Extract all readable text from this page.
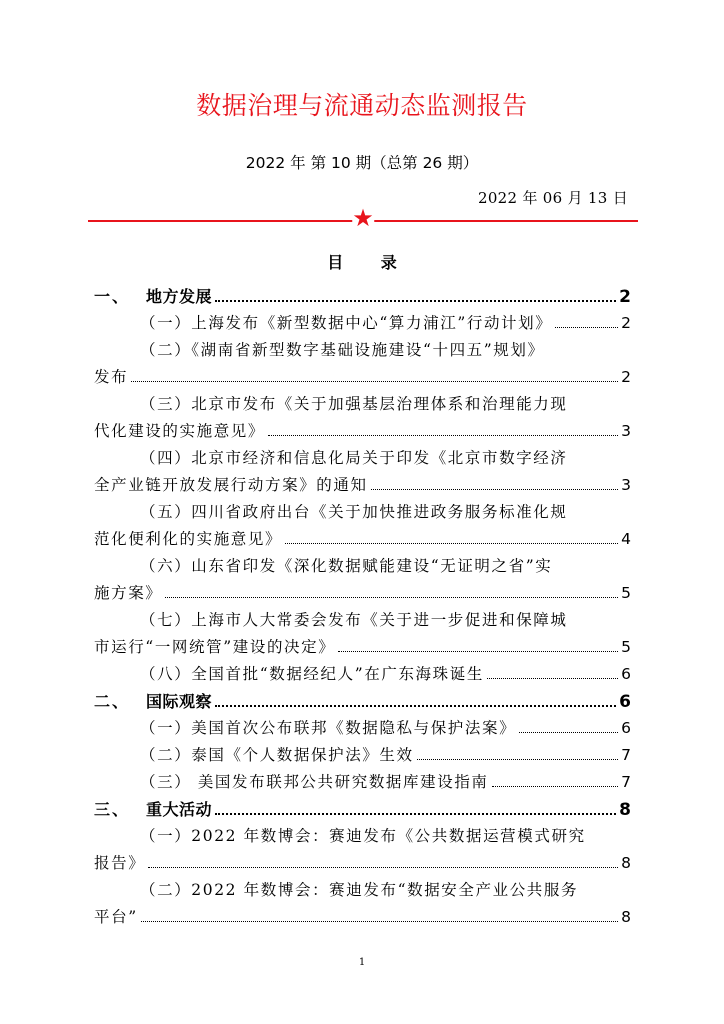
数据治理与流通动态监测报告
2022 年 第 10 期（总第 26 期）
2022 年 06 月 13 日
★
目 录
一、 地方发展	2
（一）上海发布《新型数据中心“算力浦江”行动计划》	2
（二）《湖南省新型数字基础设施建设“十四五”规划》
发布	2
（三）北京市发布《关于加强基层治理体系和治理能力现
代化建设的实施意见》	3
（四）北京市经济和信息化局关于印发《北京市数字经济
全产业链开放发展行动方案》的通知	3
（五）四川省政府出台《关于加快推进政务服务标准化规
范化便利化的实施意见》	4
（六）山东省印发《深化数据赋能建设“无证明之省”实
施方案》	5
（七）上海市人大常委会发布《关于进一步促进和保障城
市运行“一网统管”建设的决定》	5
（八）全国首批“数据经纪人”在广东海珠诞生	6
二、 国际观察	6
（一）美国首次公布联邦《数据隐私与保护法案》	6
（二）泰国《个人数据保护法》生效	7
（三） 美国发布联邦公共研究数据库建设指南	7
三、 重大活动	8
（一）2022 年数博会：赛迪发布《公共数据运营模式研究
报告》	8
（二）2022 年数博会：赛迪发布“数据安全产业公共服务
平台”	8
1
